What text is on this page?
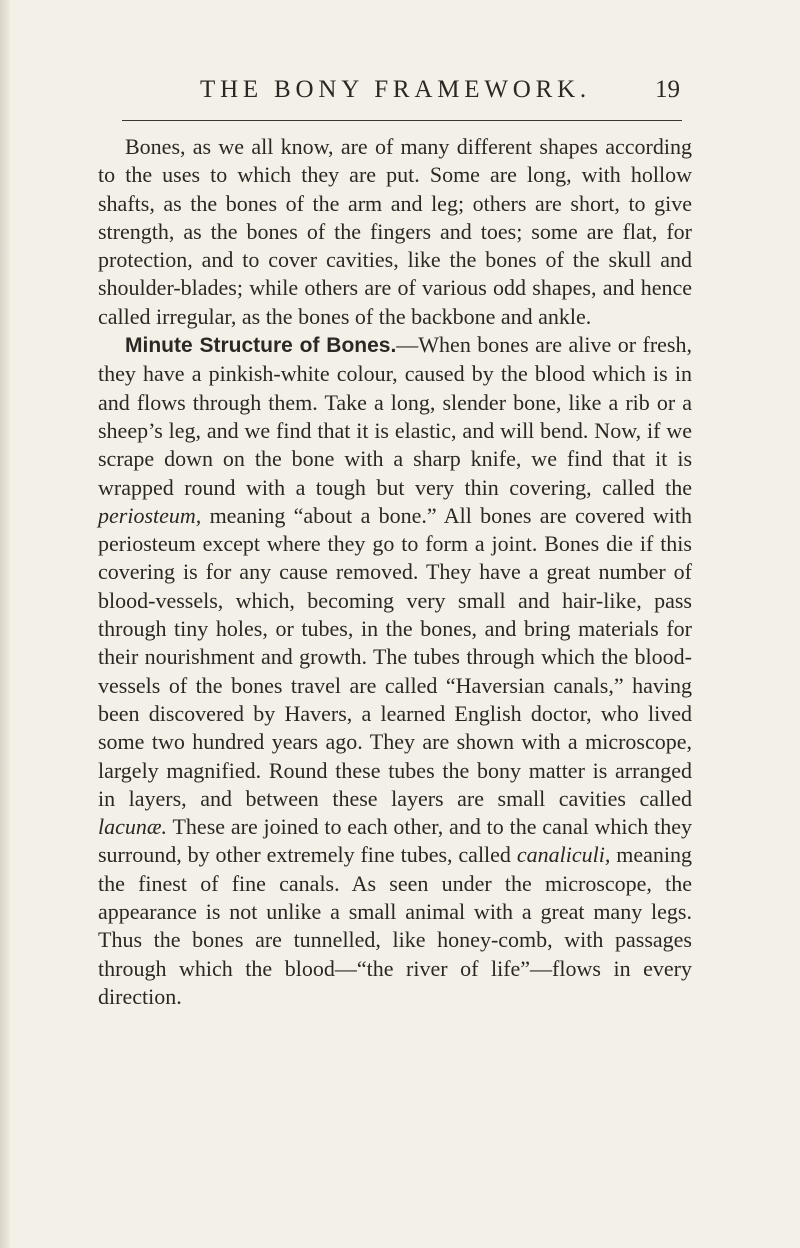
THE BONY FRAMEWORK.	19

Bones, as we all know, are of many different shapes according to the uses to which they are put. Some are long, with hollow shafts, as the bones of the arm and leg; others are short, to give strength, as the bones of the fingers and toes; some are flat, for protection, and to cover cavities, like the bones of the skull and shoulder-blades; while others are of various odd shapes, and hence called irregular, as the bones of the backbone and ankle.

Minute Structure of Bones.—When bones are alive or fresh, they have a pinkish-white colour, caused by the blood which is in and flows through them. Take a long, slender bone, like a rib or a sheep’s leg, and we find that it is elastic, and will bend. Now, if we scrape down on the bone with a sharp knife, we find that it is wrapped round with a tough but very thin covering, called the periosteum, meaning “about a bone.” All bones are covered with periosteum except where they go to form a joint. Bones die if this covering is for any cause removed. They have a great number of blood-vessels, which, becoming very small and hair-like, pass through tiny holes, or tubes, in the bones, and bring materials for their nourishment and growth. The tubes through which the blood-vessels of the bones travel are called “Haversian canals,” having been discovered by Havers, a learned English doctor, who lived some two hundred years ago. They are shown with a microscope, largely magnified. Round these tubes the bony matter is arranged in layers, and between these layers are small cavities called lacunæ. These are joined to each other, and to the canal which they surround, by other extremely fine tubes, called canaliculi, meaning the finest of fine canals. As seen under the microscope, the appearance is not unlike a small animal with a great many legs. Thus the bones are tunnelled, like honey-comb, with passages through which the blood—“the river of life”—flows in every direction.
